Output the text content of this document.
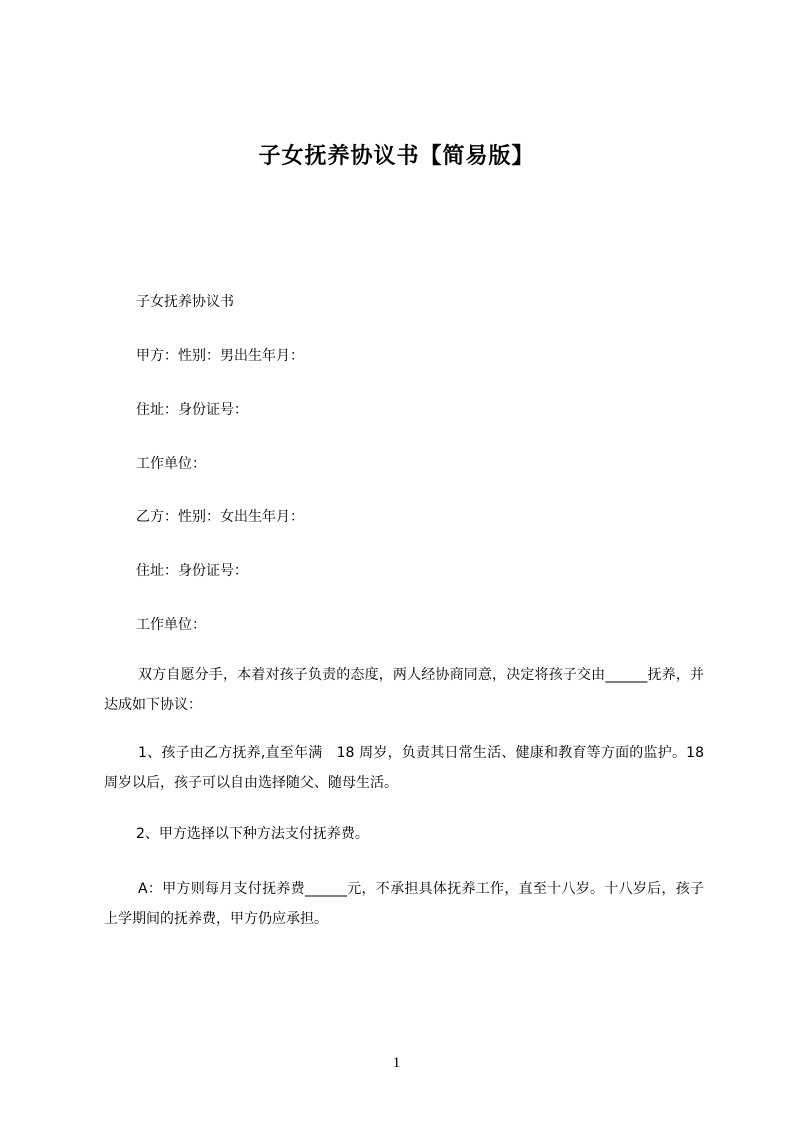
子女抚养协议书【简易版】
子女抚养协议书
甲方：性别：男出生年月：
住址：身份证号：
工作单位：
乙方：性别：女出生年月：
住址：身份证号：
工作单位：
双方自愿分手，本着对孩子负责的态度，两人经协商同意，决定将孩子交由______抚养，并达成如下协议：
1、孩子由乙方抚养,直至年满　18 周岁，负责其日常生活、健康和教育等方面的监护。18 周岁以后，孩子可以自由选择随父、随母生活。
2、甲方选择以下种方法支付抚养费。
A：甲方则每月支付抚养费______元，不承担具体抚养工作，直至十八岁。十八岁后，孩子上学期间的抚养费，甲方仍应承担。
1
